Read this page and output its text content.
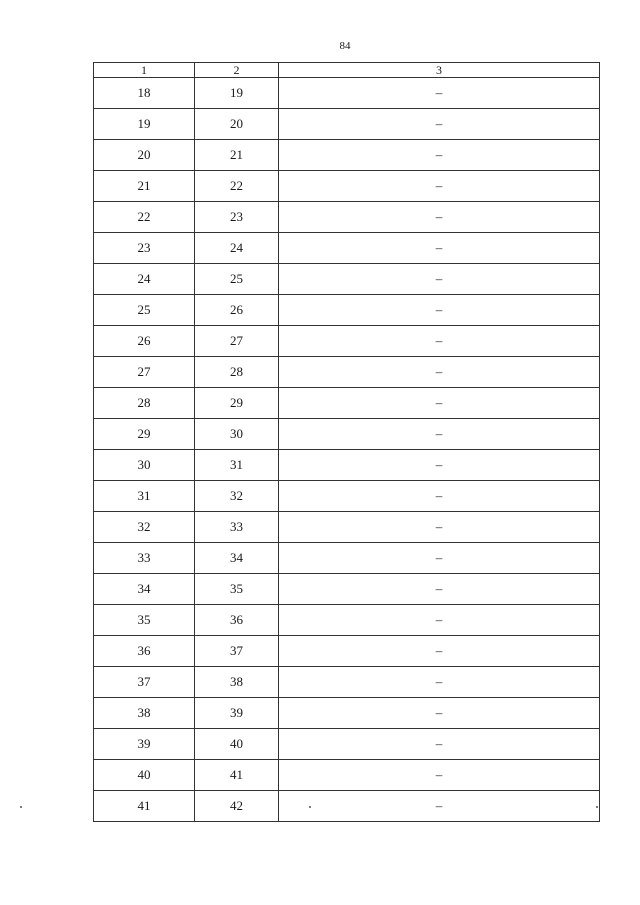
84
1	2	3
18	19	–
19	20	–
20	21	–
21	22	–
22	23	–
23	24	–
24	25	–
25	26	–
26	27	–
27	28	–
28	29	–
29	30	–
30	31	–
31	32	–
32	33	–
33	34	–
34	35	–
35	36	–
36	37	–
37	38	–
38	39	–
39	40	–
40	41	–
41	42	–
